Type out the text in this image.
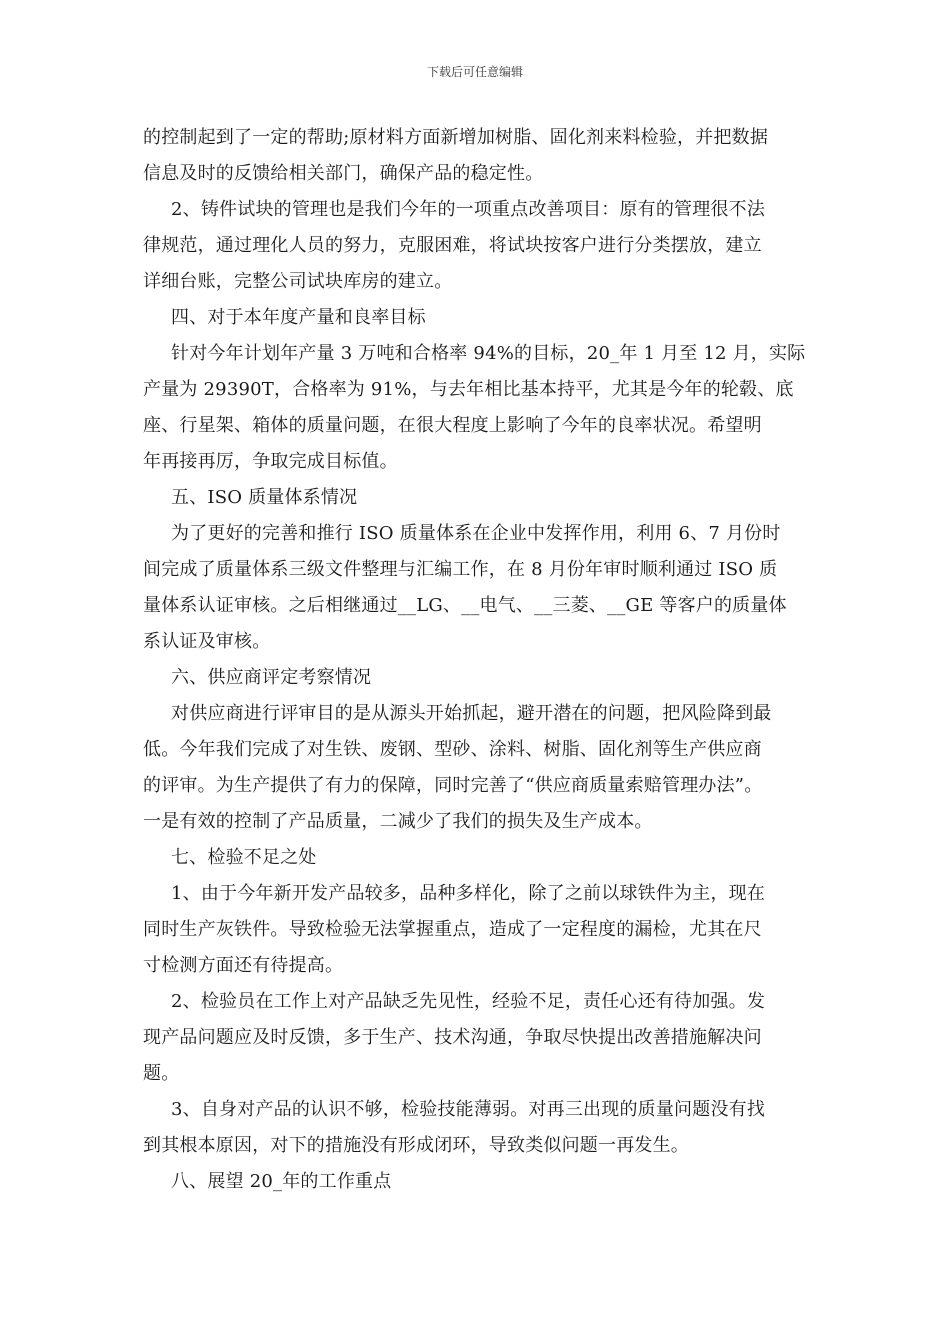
下载后可任意编辑
的控制起到了一定的帮助;原材料方面新增加树脂、固化剂来料检验，并把数据
信息及时的反馈给相关部门，确保产品的稳定性。
2、铸件试块的管理也是我们今年的一项重点改善项目：原有的管理很不法
律规范，通过理化人员的努力，克服困难，将试块按客户进行分类摆放，建立
详细台账，完整公司试块库房的建立。
四、对于本年度产量和良率目标
针对今年计划年产量 3 万吨和合格率 94%的目标，20_年 1 月至 12 月，实际
产量为 29390T，合格率为 91%，与去年相比基本持平，尤其是今年的轮毂、底
座、行星架、箱体的质量问题，在很大程度上影响了今年的良率状况。希望明
年再接再厉，争取完成目标值。
五、ISO 质量体系情况
为了更好的完善和推行 ISO 质量体系在企业中发挥作用，利用 6、7 月份时
间完成了质量体系三级文件整理与汇编工作，在 8 月份年审时顺利通过 ISO 质
量体系认证审核。之后相继通过__LG、__电气、__三菱、__GE 等客户的质量体
系认证及审核。
六、供应商评定考察情况
对供应商进行评审目的是从源头开始抓起，避开潜在的问题，把风险降到最
低。今年我们完成了对生铁、废钢、型砂、涂料、树脂、固化剂等生产供应商
的评审。为生产提供了有力的保障，同时完善了“供应商质量索赔管理办法”。
一是有效的控制了产品质量，二减少了我们的损失及生产成本。
七、检验不足之处
1、由于今年新开发产品较多，品种多样化，除了之前以球铁件为主，现在
同时生产灰铁件。导致检验无法掌握重点，造成了一定程度的漏检，尤其在尺
寸检测方面还有待提高。
2、检验员在工作上对产品缺乏先见性，经验不足，责任心还有待加强。发
现产品问题应及时反馈，多于生产、技术沟通，争取尽快提出改善措施解决问
题。
3、自身对产品的认识不够，检验技能薄弱。对再三出现的质量问题没有找
到其根本原因，对下的措施没有形成闭环，导致类似问题一再发生。
八、展望 20_年的工作重点
